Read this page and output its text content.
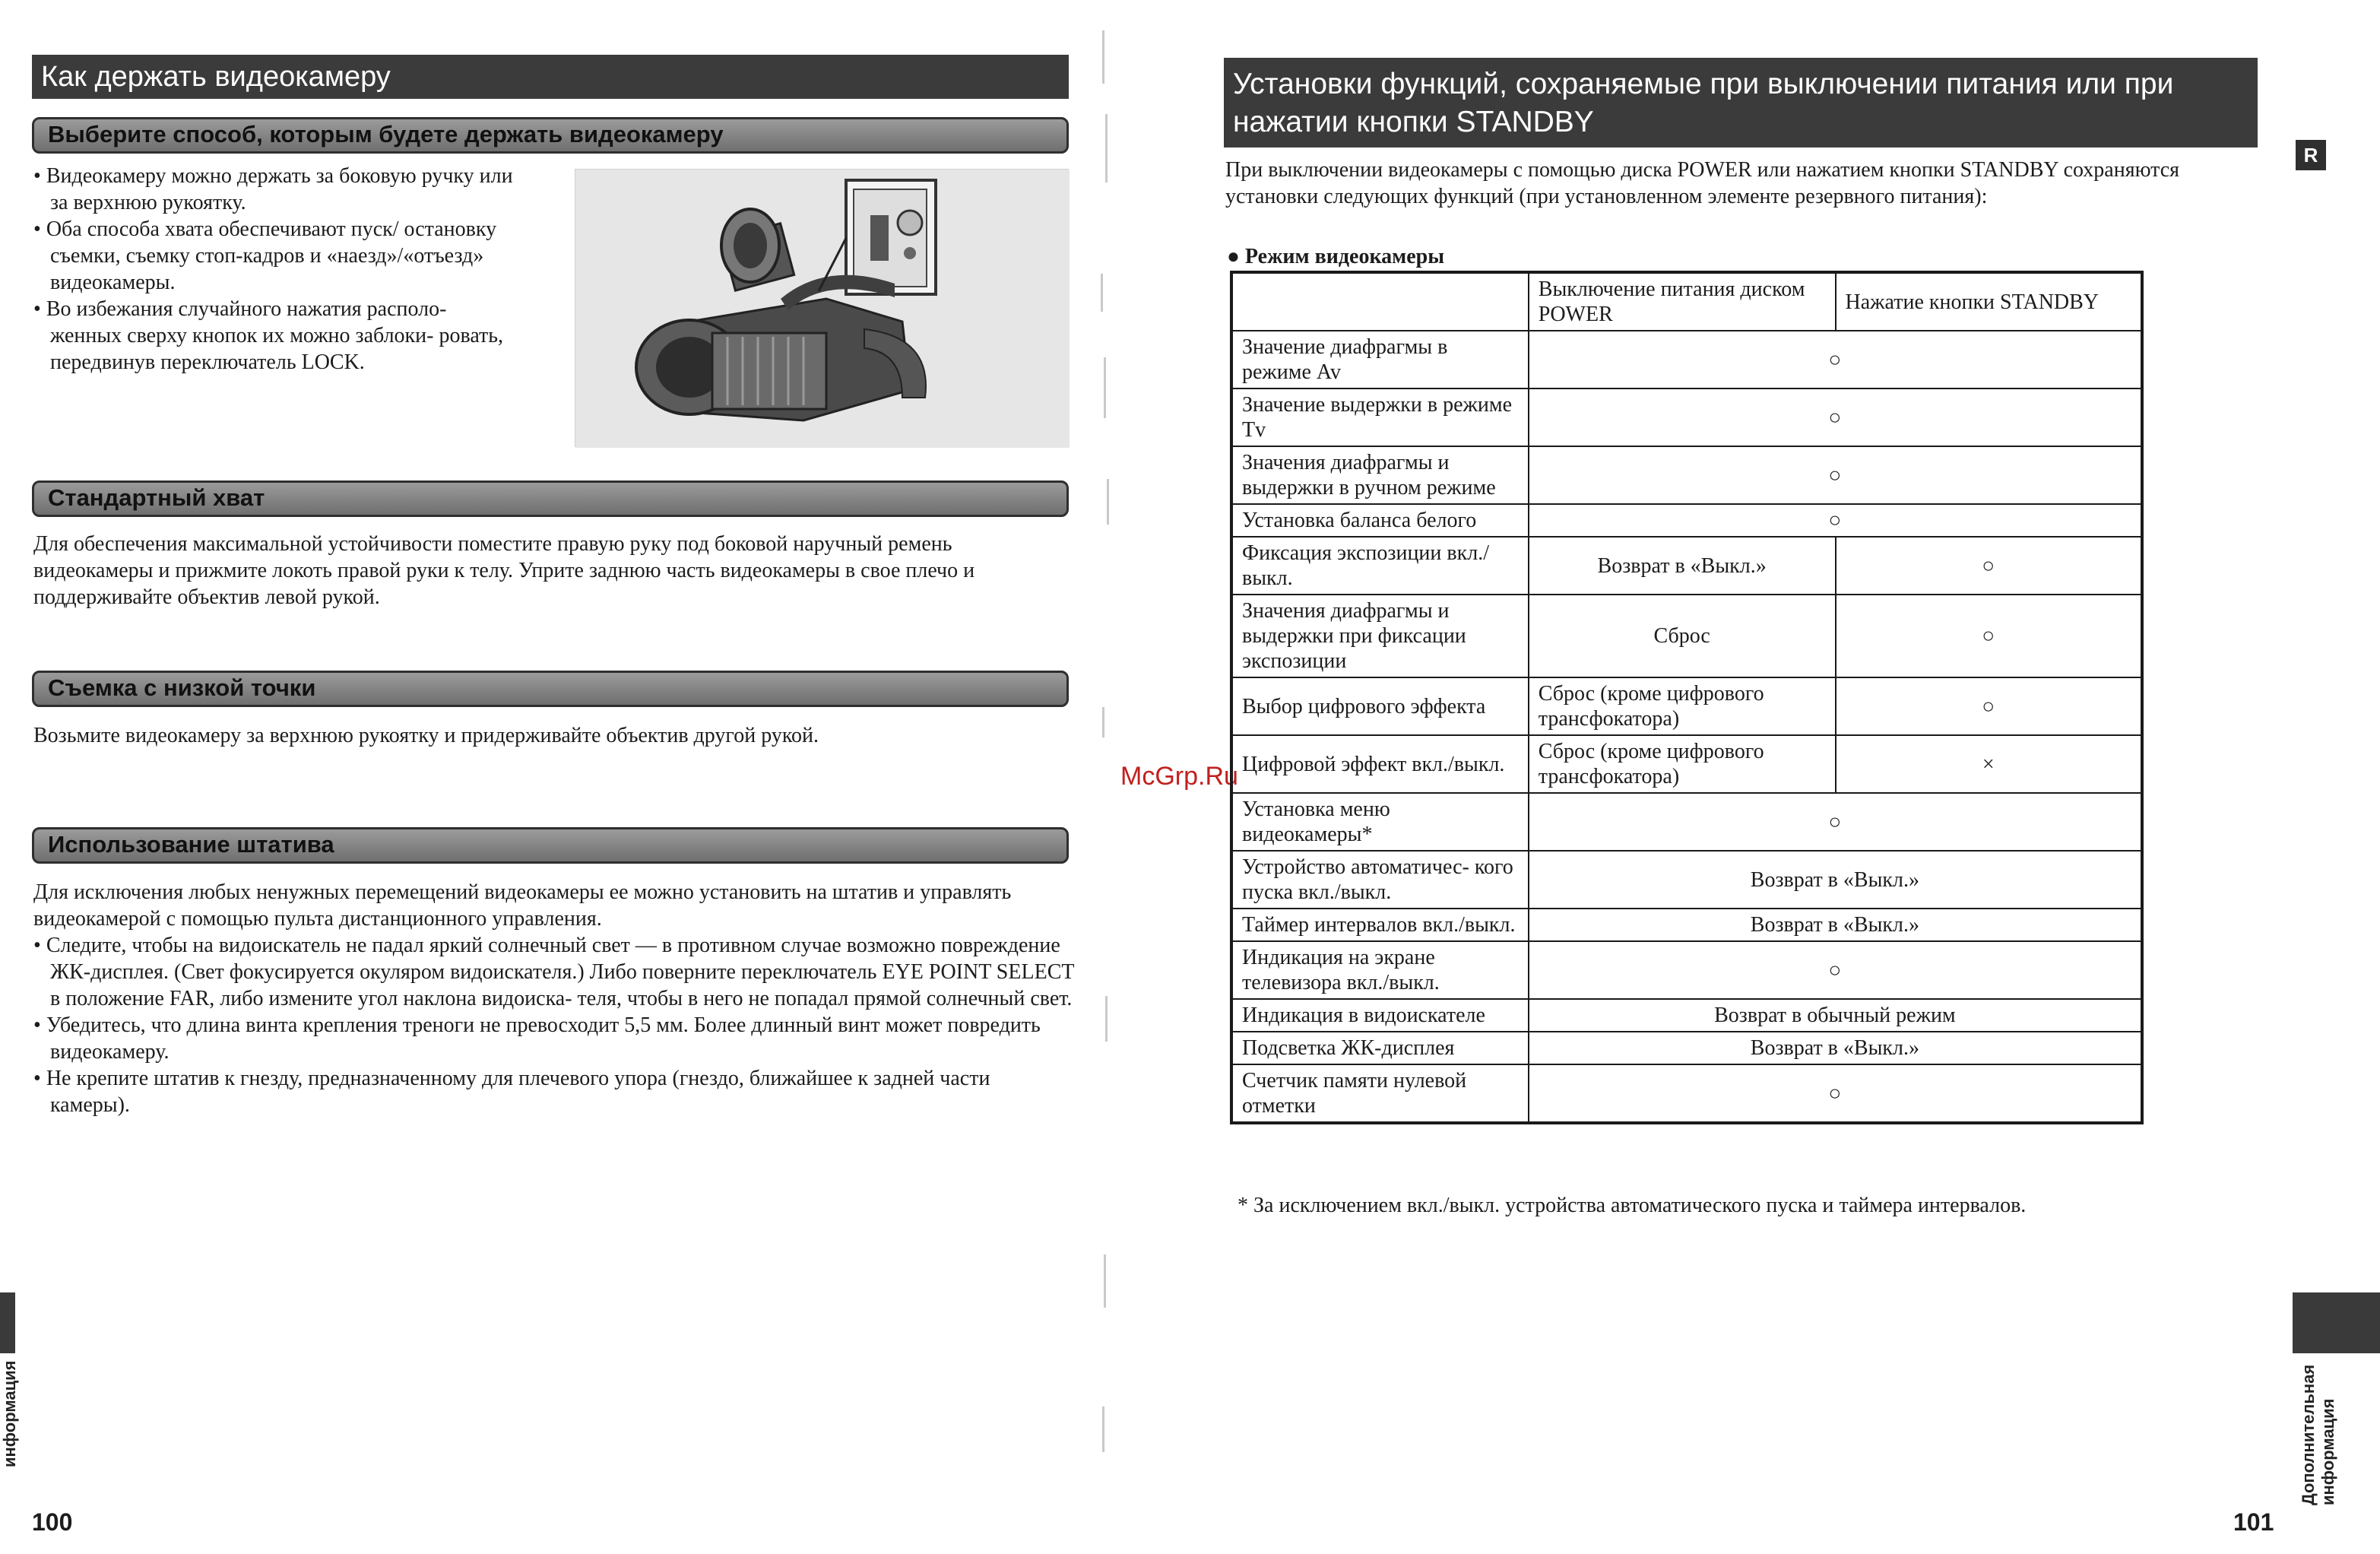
Как держать видеокамеру
Выберите способ, которым будете держать видеокамеру
• Видеокамеру можно держать за боковую ручку или за верхнюю рукоятку.
• Оба способа хвата обеспечивают пуск/ остановку съемки, съемку стоп-кадров и «наезд»/«отъезд» видеокамеры.
• Во избежания случайного нажатия располо- женных сверху кнопок их можно заблоки- ровать, передвинув переключатель LOCK.
Стандартный хват

Для обеспечения максимальной устойчивости поместите правую руку под боковой наручный ремень видеокамеры и прижмите локоть правой руки к телу. Уприте заднюю часть видеокамеры в свое плечо и поддерживайте объектив левой рукой.

Съемка с низкой точки

Возьмите видеокамеру за верхнюю рукоятку и придерживайте объектив другой рукой.

Использование штатива

Для исключения любых ненужных перемещений видеокамеры ее можно установить на штатив и управлять видеокамерой с помощью пульта дистанционного управления.

• Следите, чтобы на видоискатель не падал яркий солнечный свет — в противном случае возможно повреждение ЖК-дисплея. (Свет фокусируется окуляром видоискателя.) Либо поверните переключатель EYE POINT SELECT в положение FAR, либо измените угол наклона видоиска- теля, чтобы в него не попадал прямой солнечный свет.
• Убедитесь, что длина винта крепления треноги не превосходит 5,5 мм. Более длинный винт может повредить видеокамеру.
• Не крепите штатив к гнезду, предназначенному для плечевого упора (гнездо, ближайшее к задней части камеры).
информация
100
McGrp.Ru
Установки функций, сохраняемые при выключении питания или при нажатии кнопки STANDBY
R

При выключении видеокамеры с помощью диска POWER или нажатием кнопки STANDBY сохраняются установки следующих функций (при установленном элементе резервного питания):

● Режим видеокамеры
	Выключение питания диском POWER	Нажатие кнопки STANDBY
Значение диафрагмы в режиме Av	○	
Значение выдержки в режиме Tv	○	
Значения диафрагмы и выдержки в ручном режиме	○	
Установка баланса белого	○	
Фиксация экспозиции вкл./выкл.	Возврат в «Выкл.»	○
Значения диафрагмы и выдержки при фиксации экспозиции	Сброс	○
Выбор цифрового эффекта	Сброс (кроме цифрового трансфокатора)	○
Цифровой эффект вкл./выкл.	Сброс (кроме цифрового трансфокатора)	×
Установка меню видеокамеры*	○	
Устройство автоматичес- кого пуска вкл./выкл.	Возврат в «Выкл.»	
Таймер интервалов вкл./выкл.	Возврат в «Выкл.»	
Индикация на экране телевизора вкл./выкл.	○	
Индикация в видоискателе	Возврат в обычный режим	
Подсветка ЖК-дисплея	Возврат в «Выкл.»	
Счетчик памяти нулевой отметки	○	

* За исключением вкл./выкл. устройства автоматического пуска и таймера интервалов.

Дополнительная
информация
101
